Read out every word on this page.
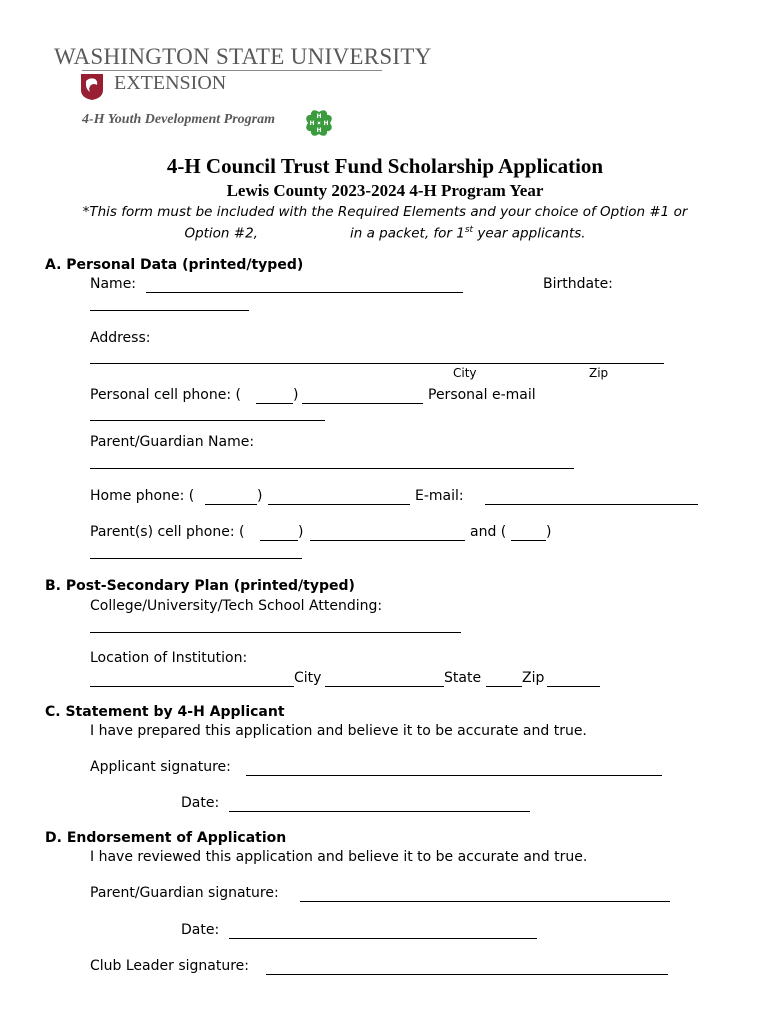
WASHINGTON STATE UNIVERSITY
EXTENSION
4-H Youth Development Program	H
H
H H
4-H Council Trust Fund Scholarship Application
Lewis County 2023-2024 4-H Program Year
*This form must be included with the Required Elements and your choice of Option #1 or
Option #2,	in a packet, for 1st year applicants.
A. Personal Data (printed/typed)
Name:	Birthdate:
Address:
City	Zip
Personal cell phone: (	)	Personal e-mail
Parent/Guardian Name:
Home phone: (	)	E-mail:
Parent(s) cell phone: (	)	and (	)
B. Post-Secondary Plan (printed/typed)
College/University/Tech School Attending:
Location of Institution:
City	State	Zip
C. Statement by 4-H Applicant
I have prepared this application and believe it to be accurate and true.
Applicant signature:
Date:
D. Endorsement of Application
I have reviewed this application and believe it to be accurate and true.
Parent/Guardian signature:
Date:
Club Leader signature:
